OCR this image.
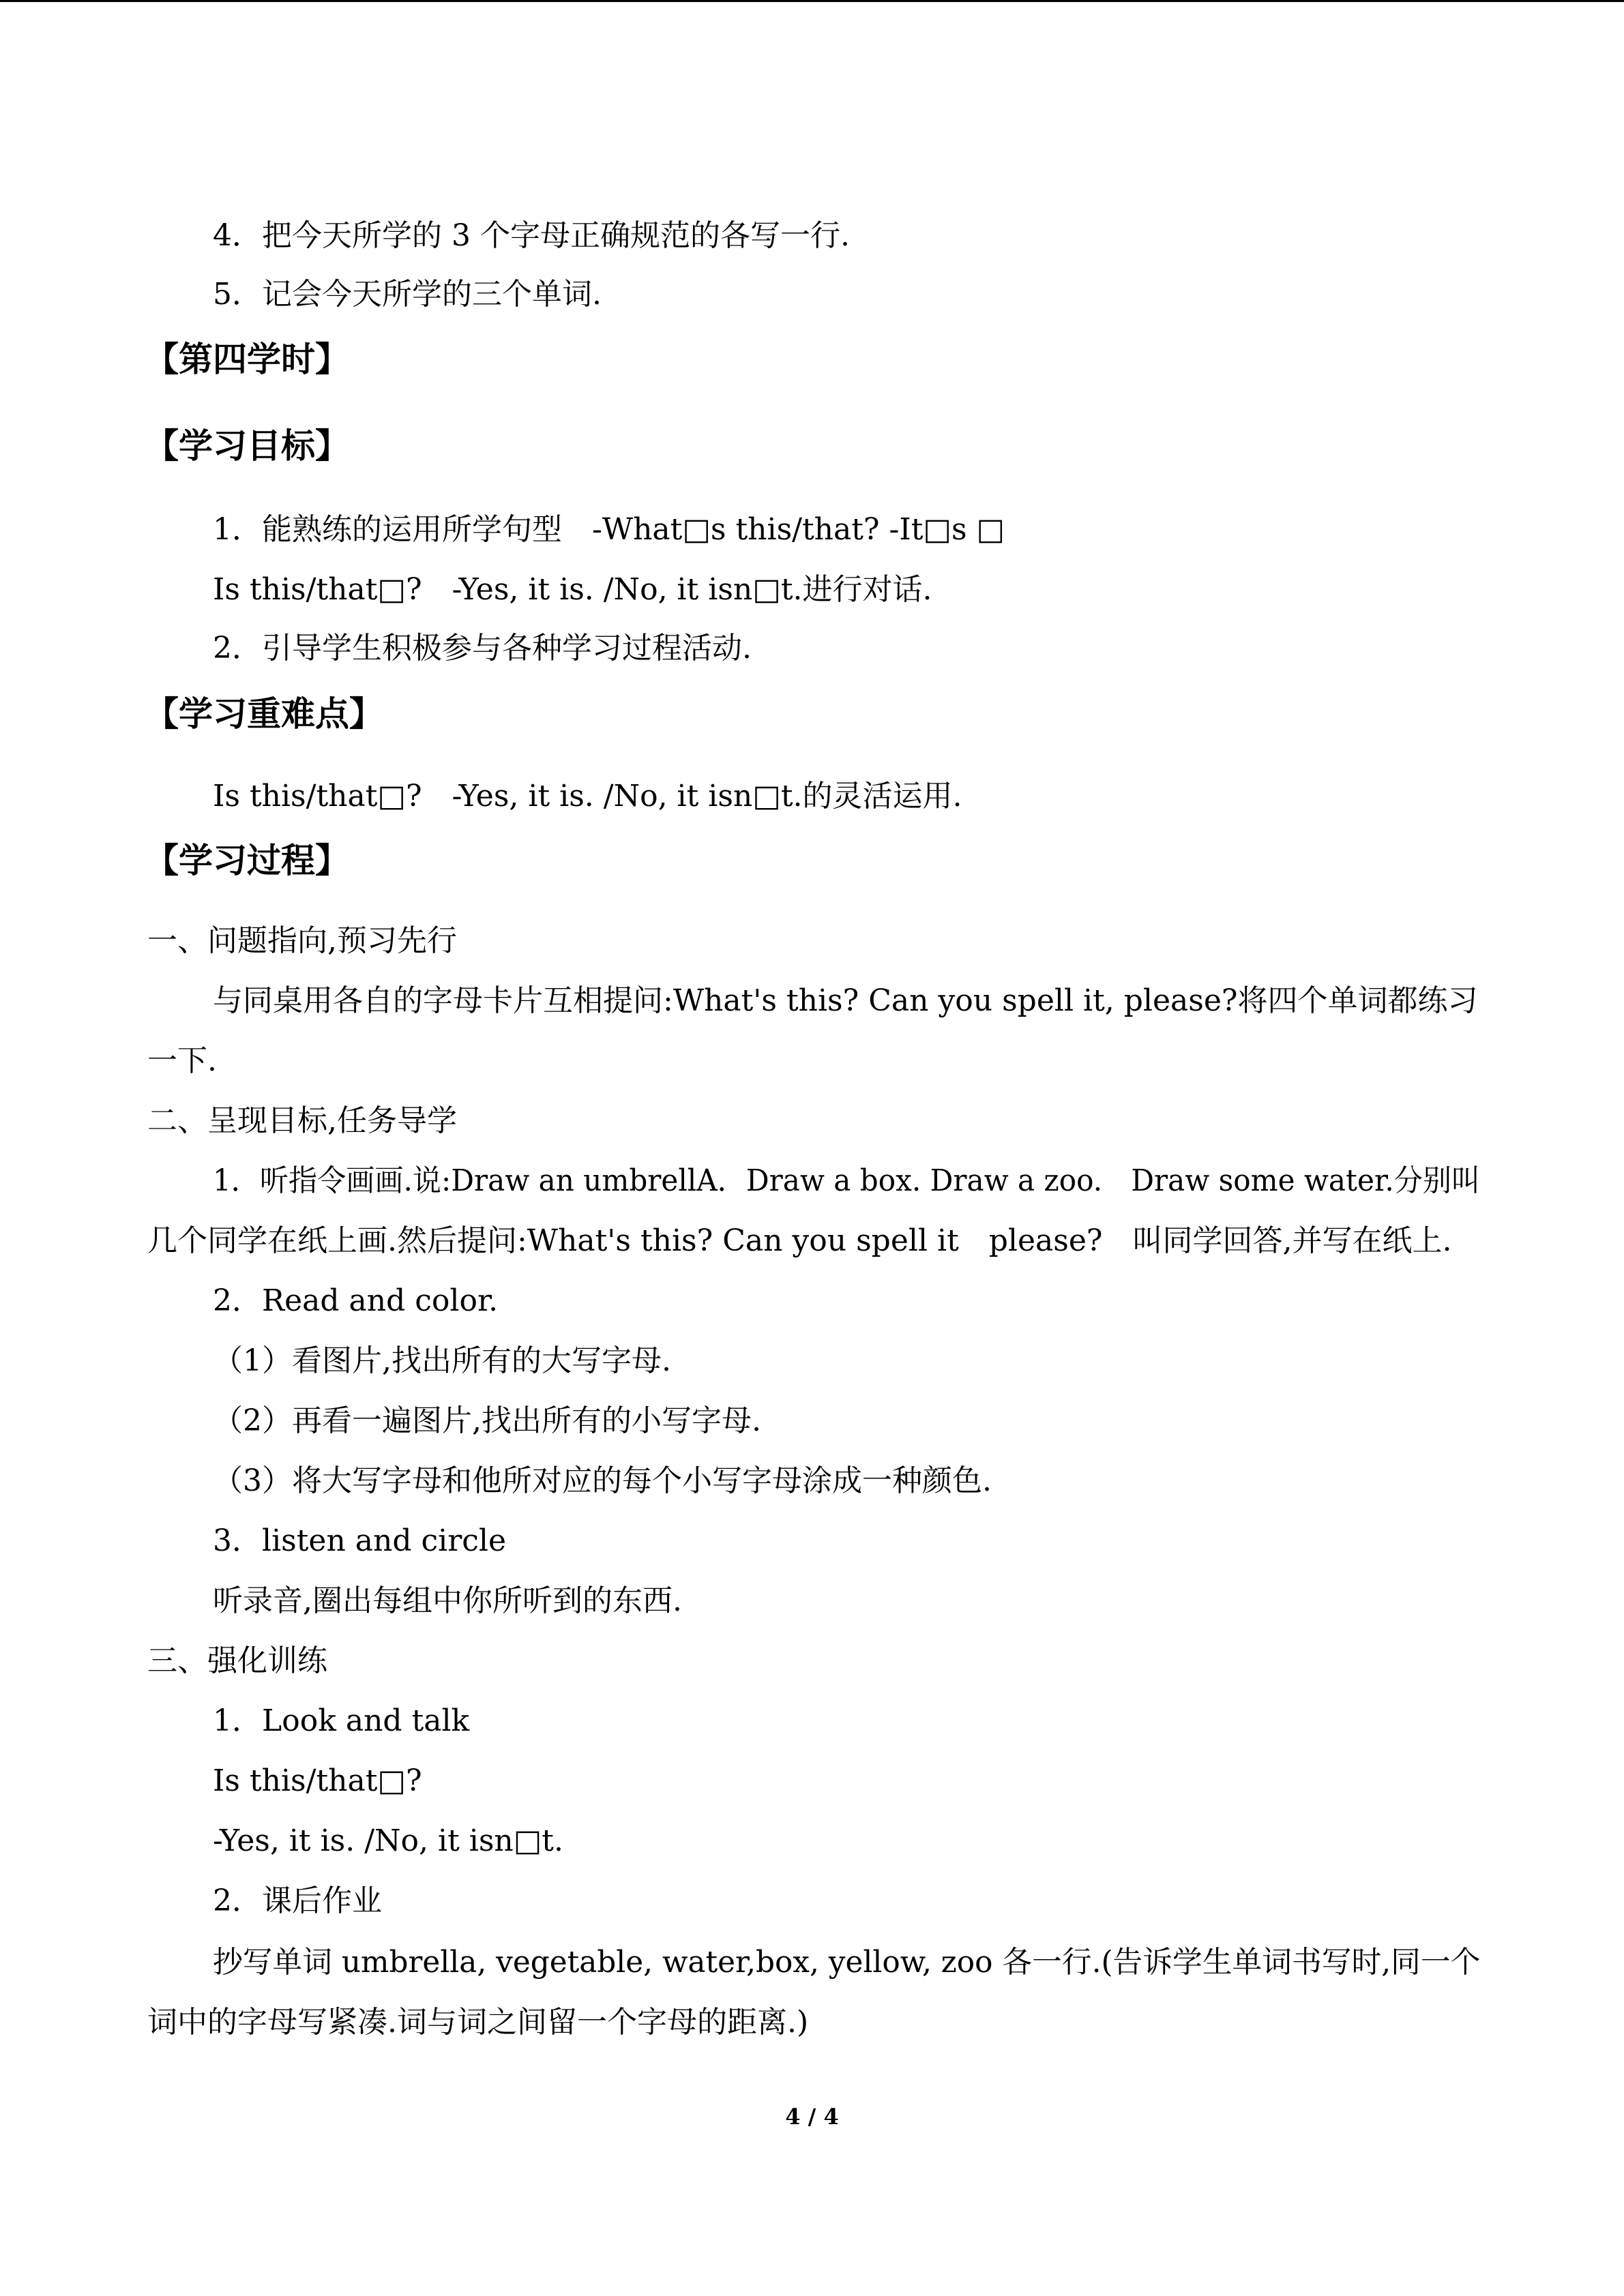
4．把今天所学的 3 个字母正确规范的各写一行.
5．记会今天所学的三个单词.
【第四学时】
【学习目标】
1．能熟练的运用所学句型　-What□s this/that? -It□s □
Is this/that□?　-Yes, it is. /No, it isn□t.进行对话.
2．引导学生积极参与各种学习过程活动.
【学习重难点】
Is this/that□?　-Yes, it is. /No, it isn□t.的灵活运用.
【学习过程】
一、问题指向,预习先行
与同桌用各自的字母卡片互相提问:What's this? Can you spell it, please?将四个单词都练习
一下.
二、呈现目标,任务导学
1．听指令画画.说:Draw an umbrellA．Draw a box. Draw a zoo.　Draw some water.分别叫
几个同学在纸上画.然后提问:What's this? Can you spell it　please?　叫同学回答,并写在纸上.
2．Read and color.
（1）看图片,找出所有的大写字母.
（2）再看一遍图片,找出所有的小写字母.
（3）将大写字母和他所对应的每个小写字母涂成一种颜色.
3．listen and circle
听录音,圈出每组中你所听到的东西.
三、强化训练
1．Look and talk
Is this/that□?
-Yes, it is. /No, it isn□t.
2．课后作业
抄写单词 umbrella, vegetable, water,box, yellow, zoo 各一行.(告诉学生单词书写时,同一个
词中的字母写紧凑.词与词之间留一个字母的距离.)
4 / 4
